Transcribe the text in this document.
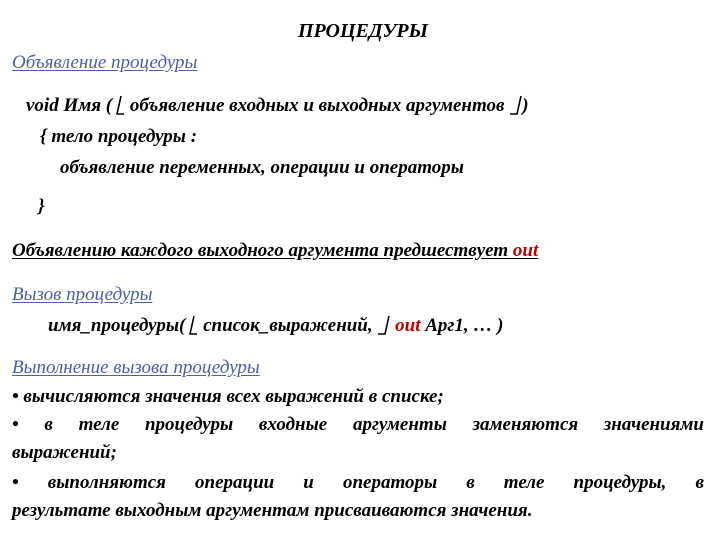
ПРОЦЕДУРЫ
Объявление процедуры
void Имя (
объявление входных и выходных аргументов
)
{ тело процедуры :
объявление переменных, операции и операторы
}
Объявлению каждого выходного аргумента предшествует out
Вызов процедуры
имя_процедуры(
список_выражений,
out Арг1, … )
Выполнение вызова процедуры
• вычисляются значения всех выражений в списке;
• в теле процедуры входные аргументы заменяются значениями
выражений;
• выполняются операции и операторы в теле процедуры, в
результате выходным аргументам присваиваются значения.
